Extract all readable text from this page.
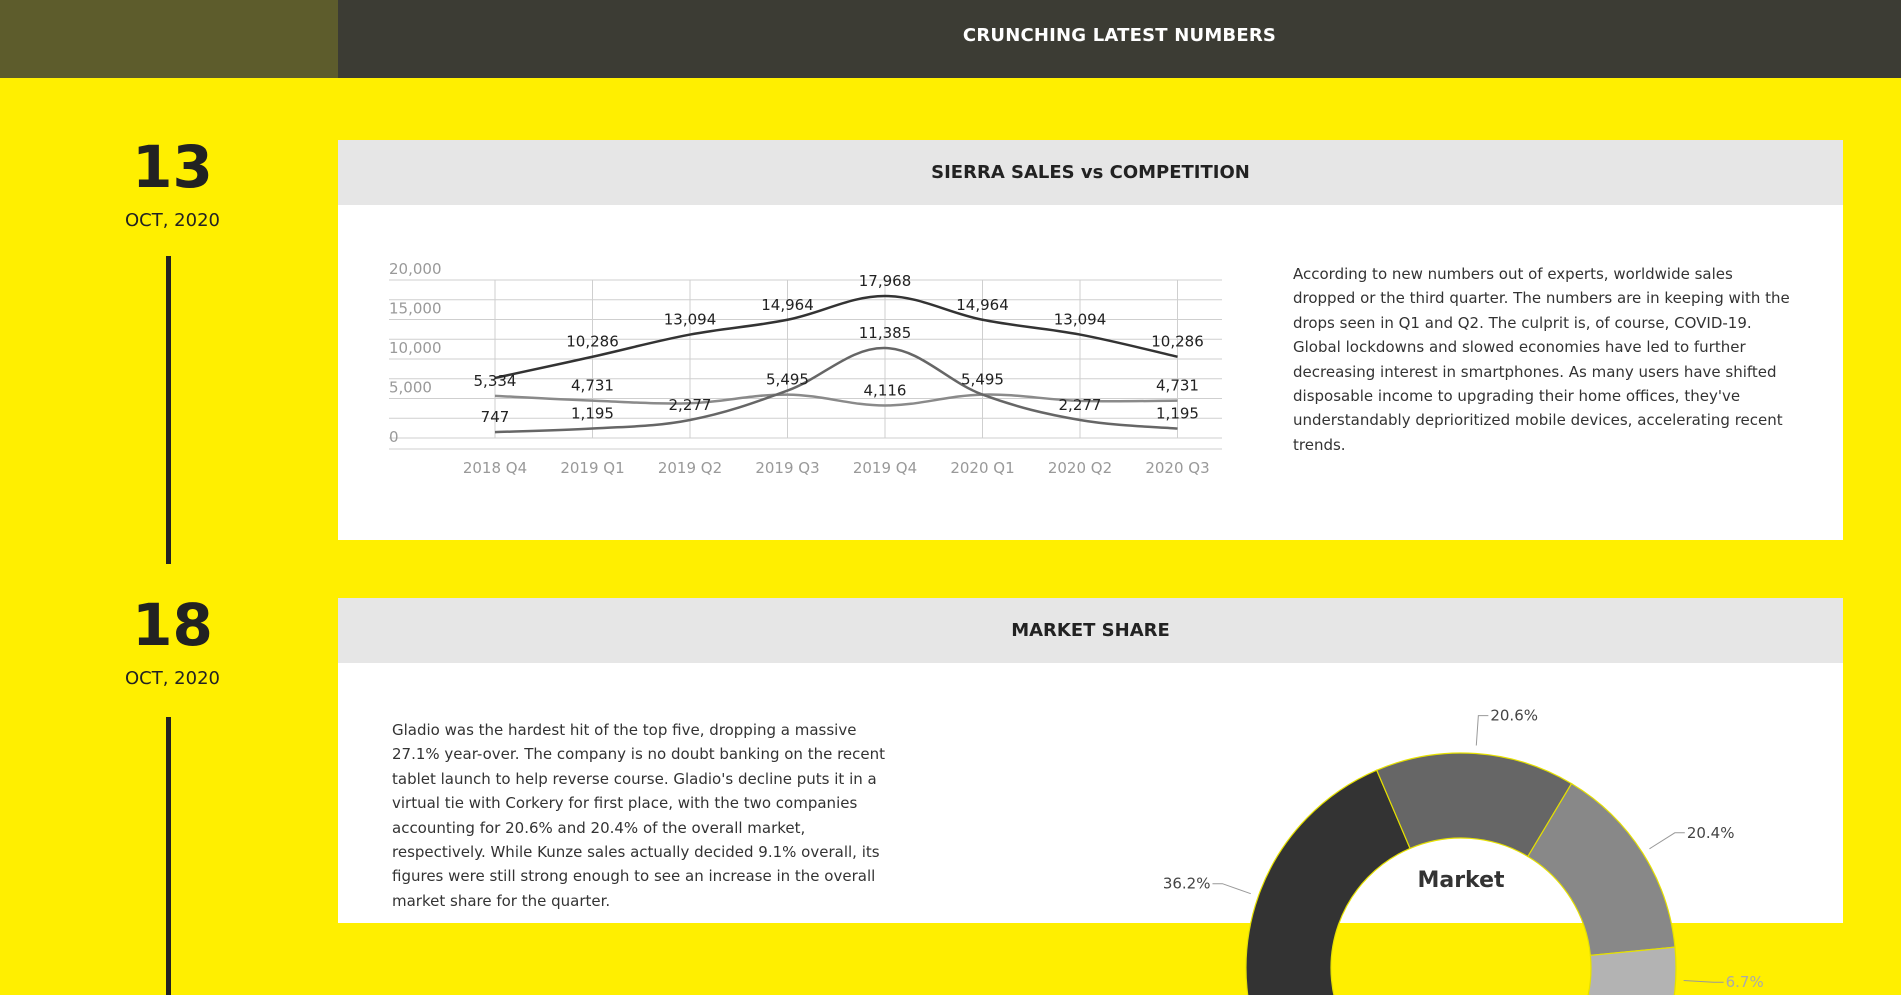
CRUNCHING LATEST NUMBERS
13
OCT, 2020
18
OCT, 2020
SIERRA SALES vs COMPETITION
0
5,000
10,000
15,000
20,000
2018 Q4 2019 Q1 2019 Q2 2019 Q3 2019 Q4 2020 Q1 2020 Q2 2020 Q3
10,286
13,094
14,964
17,968
14,964
13,094
10,286
5,334	4,731	5,495
4,116
5,495	4,731
747	1,195	2,277
11,385
2,277	1,195
According to new numbers out of experts, worldwide sales dropped or the third quarter. The numbers are in keeping with the drops seen in Q1 and Q2. The culprit is, of course, COVID-19. Global lockdowns and slowed economies have led to further decreasing interest in smartphones. As many users have shifted disposable income to upgrading their home offices, they've understandably deprioritized mobile devices, accelerating recent trends.
MARKET SHARE
Gladio was the hardest hit of the top five, dropping a massive 27.1% year-over. The company is no doubt banking on the recent tablet launch to help reverse course. Gladio's decline puts it in a virtual tie with Corkery for first place, with the two companies accounting for 20.6% and 20.4% of the overall market, respectively. While Kunze sales actually decided 9.1% overall, its figures were still strong enough to see an increase in the overall market share for the quarter.
36.2%
20.6%
20.4%
6.7%
Market
